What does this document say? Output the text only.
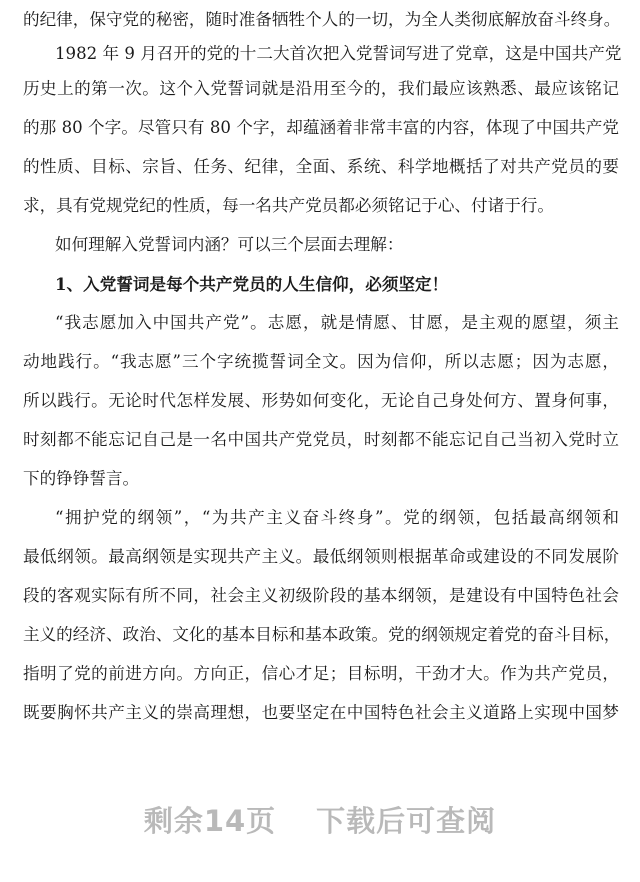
的纪律，保守党的秘密，随时准备牺牲个人的一切，为全人类彻底解放奋斗终身。
1982 年 9 月召开的党的十二大首次把入党誓词写进了党章，这是中国共产党
历史上的第一次。这个入党誓词就是沿用至今的，我们最应该熟悉、最应该铭记
的那 80 个字。尽管只有 80 个字，却蕴涵着非常丰富的内容，体现了中国共产党
的性质、目标、宗旨、任务、纪律，全面、系统、科学地概括了对共产党员的要
求，具有党规党纪的性质，每一名共产党员都必须铭记于心、付诸于行。
如何理解入党誓词内涵？可以三个层面去理解：
1、入党誓词是每个共产党员的人生信仰，必须坚定！
“我志愿加入中国共产党”。志愿，就是情愿、甘愿，是主观的愿望，须主
动地践行。“我志愿”三个字统揽誓词全文。因为信仰，所以志愿；因为志愿，
所以践行。无论时代怎样发展、形势如何变化，无论自己身处何方、置身何事，
时刻都不能忘记自己是一名中国共产党党员，时刻都不能忘记自己当初入党时立
下的铮铮誓言。
“拥护党的纲领”，“为共产主义奋斗终身”。党的纲领，包括最高纲领和
最低纲领。最高纲领是实现共产主义。最低纲领则根据革命或建设的不同发展阶
段的客观实际有所不同，社会主义初级阶段的基本纲领，是建设有中国特色社会
主义的经济、政治、文化的基本目标和基本政策。党的纲领规定着党的奋斗目标，
指明了党的前进方向。方向正，信心才足；目标明，干劲才大。作为共产党员，
既要胸怀共产主义的崇高理想，也要坚定在中国特色社会主义道路上实现中国梦
剩余14页 下载后可查阅
